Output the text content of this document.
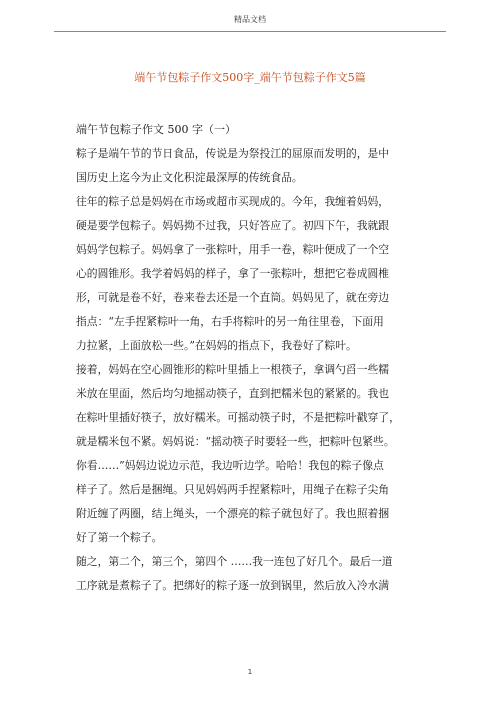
精品文档
端午节包粽子作文500字_端午节包粽子作文5篇
端午节包粽子作文 500 字（一）
粽子是端午节的节日食品，传说是为祭投江的屈原而发明的，是中
国历史上迄今为止文化积淀最深厚的传统食品。
往年的粽子总是妈妈在市场或超市买现成的。今年，我缠着妈妈，
硬是要学包粽子。妈妈拗不过我，只好答应了。初四下午，我就跟
妈妈学包粽子。妈妈拿了一张粽叶，用手一卷，粽叶便成了一个空
心的圆锥形。我学着妈妈的样子，拿了一张粽叶，想把它卷成圆椎
形，可就是卷不好，卷来卷去还是一个直筒。妈妈见了，就在旁边
指点：“左手捏紧粽叶一角，右手将粽叶的另一角往里卷，下面用
力拉紧，上面放松一些。”在妈妈的指点下，我卷好了粽叶。
接着，妈妈在空心圆锥形的粽叶里插上一根筷子，拿调勺舀一些糯
米放在里面，然后均匀地摇动筷子，直到把糯米包的紧紧的。我也
在粽叶里插好筷子，放好糯米。可摇动筷子时，不是把粽叶戳穿了，
就是糯米包不紧。妈妈说：“摇动筷子时要轻一些，把粽叶包紧些。
你看……”妈妈边说边示范，我边听边学。哈哈！我包的粽子像点
样子了。然后是捆绳。只见妈妈两手捏紧粽叶，用绳子在粽子尖角
附近缠了两圈，结上绳头，一个漂亮的粽子就包好了。我也照着捆
好了第一个粽子。
随之，第二个，第三个，第四个 ……我一连包了好几个。最后一道
工序就是煮粽子了。把绑好的粽子逐一放到锅里，然后放入冷水满
1
